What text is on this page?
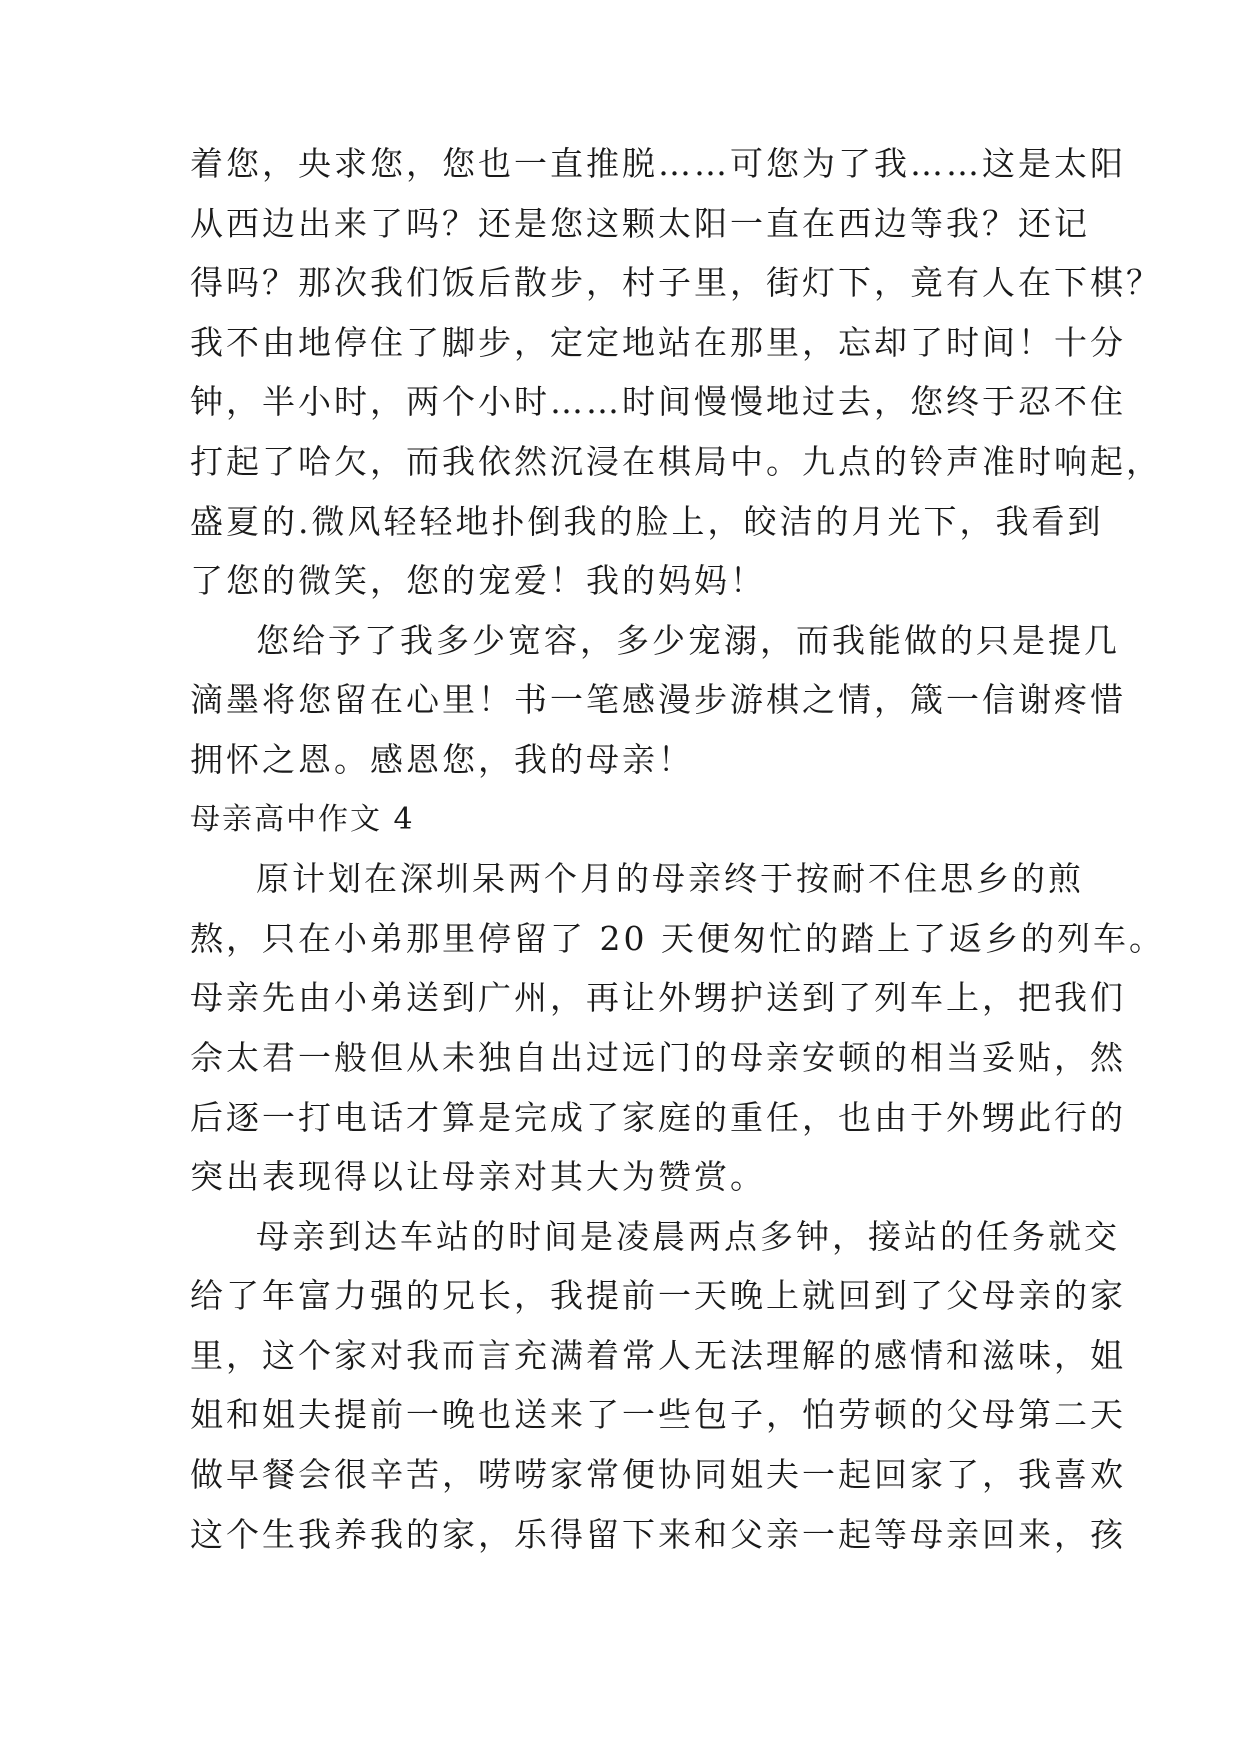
着您，央求您，您也一直推脱……可您为了我……这是太阳
从西边出来了吗？还是您这颗太阳一直在西边等我？还记
得吗？那次我们饭后散步，村子里，街灯下，竟有人在下棋？
我不由地停住了脚步，定定地站在那里，忘却了时间！十分
钟，半小时，两个小时……时间慢慢地过去，您终于忍不住
打起了哈欠，而我依然沉浸在棋局中。九点的铃声准时响起，
盛夏的.微风轻轻地扑倒我的脸上，皎洁的月光下，我看到
了您的微笑，您的宠爱！我的妈妈！
您给予了我多少宽容，多少宠溺，而我能做的只是提几
滴墨将您留在心里！书一笔感漫步游棋之情，箴一信谢疼惜
拥怀之恩。感恩您，我的母亲！
母亲高中作文 4
原计划在深圳呆两个月的母亲终于按耐不住思乡的煎
熬，只在小弟那里停留了 20 天便匆忙的踏上了返乡的列车。
母亲先由小弟送到广州，再让外甥护送到了列车上，把我们
佘太君一般但从未独自出过远门的母亲安顿的相当妥贴，然
后逐一打电话才算是完成了家庭的重任，也由于外甥此行的
突出表现得以让母亲对其大为赞赏。
母亲到达车站的时间是凌晨两点多钟，接站的任务就交
给了年富力强的兄长，我提前一天晚上就回到了父母亲的家
里，这个家对我而言充满着常人无法理解的感情和滋味，姐
姐和姐夫提前一晚也送来了一些包子，怕劳顿的父母第二天
做早餐会很辛苦，唠唠家常便协同姐夫一起回家了，我喜欢
这个生我养我的家，乐得留下来和父亲一起等母亲回来，孩
